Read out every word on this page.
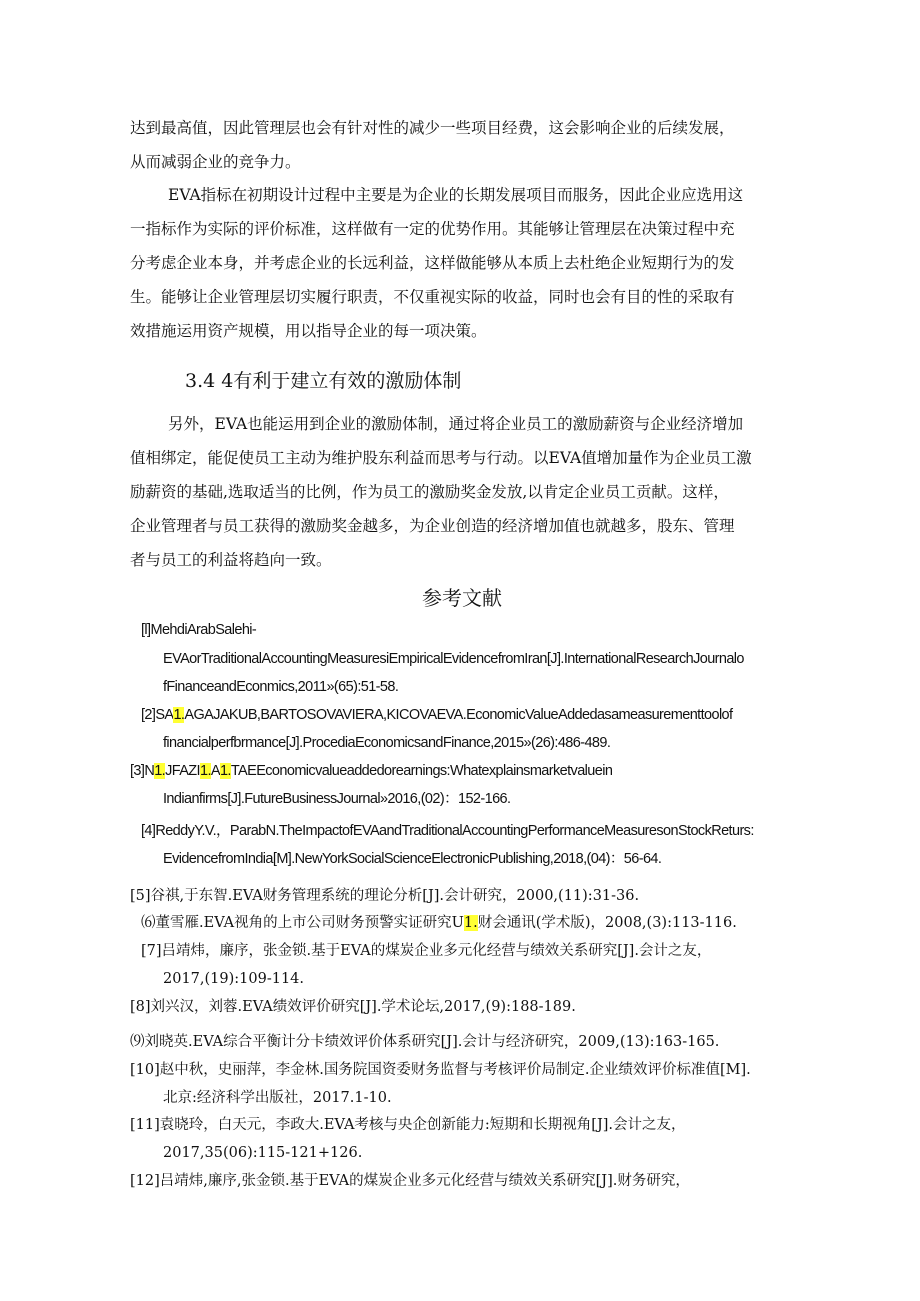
达到最高值，因此管理层也会有针对性的减少一些项目经费，这会影响企业的后续发展，
从而减弱企业的竞争力。
EVA指标在初期设计过程中主要是为企业的长期发展项目而服务，因此企业应选用这
一指标作为实际的评价标准，这样做有一定的优势作用。其能够让管理层在决策过程中充
分考虑企业本身，并考虑企业的长远利益，这样做能够从本质上去杜绝企业短期行为的发
生。能够让企业管理层切实履行职责，不仅重视实际的收益，同时也会有目的性的采取有
效措施运用资产规模，用以指导企业的每一项决策。
3.4 4有利于建立有效的激励体制
另外，EVA也能运用到企业的激励体制，通过将企业员工的激励薪资与企业经济增加
值相绑定，能促使员工主动为维护股东利益而思考与行动。以EVA值增加量作为企业员工激
励薪资的基础,选取适当的比例，作为员工的激励奖金发放,以肯定企业员工贡献。这样，
企业管理者与员工获得的激励奖金越多，为企业创造的经济增加值也就越多，股东、管理
者与员工的利益将趋向一致。
参考文献
[l]MehdiArabSalehi-
EVAorTraditionalAccountingMeasuresiEmpiricalEvidencefromIran[J].InternationalResearchJournalo
fFinanceandEconmics,2011»(65):51-58.
[2]SA1.AGAJAKUB,BARTOSOVAVIERA,KICOVAEVA.EconomicValueAddedasameasurementtoolof
financialperfbrmance[J].ProcediaEconomicsandFinance,2015»(26):486-489.
[3]N1.JFAZI1.A1.TAEEconomicvalueaddedorearnings:Whatexplainsmarketvaluein
Indianfirms[J].FutureBusinessJournal»2016,(02)：152-166.
[4]ReddyY.V.，ParabN.TheImpactofEVAandTraditionalAccountingPerformanceMeasuresonStockReturs:
EvidencefromIndia[M].NewYorkSocialScienceElectronicPublishing,2018,(04)：56-64.
[5]谷祺,于东智.EVA财务管理系统的理论分析[J].会计研究，2000,(11):31-36.
⑹董雪雁.EVA视角的上市公司财务预警实证研究U1.财会通讯(学术版)，2008,(3):113-116.
[7]吕靖炜，廉序，张金锁.基于EVA的煤炭企业多元化经营与绩效关系研究[J].会计之友，
2017,(19):109-114.
[8]刘兴汉，刘蓉.EVA绩效评价研究[J].学术论坛,2017,(9):188-189.
⑼刘晓英.EVA综合平衡计分卡绩效评价体系研究[J].会计与经济研究，2009,(13):163-165.
[10]赵中秋，史丽萍，李金林.国务院国资委财务监督与考核评价局制定.企业绩效评价标准值[M].
北京:经济科学出版社，2017.1-10.
[11]袁晓玲，白天元，李政大.EVA考核与央企创新能力:短期和长期视角[J].会计之友，
2017,35(06):115-121+126.
[12]吕靖炜,廉序,张金锁.基于EVA的煤炭企业多元化经营与绩效关系研究[J].财务研究，
